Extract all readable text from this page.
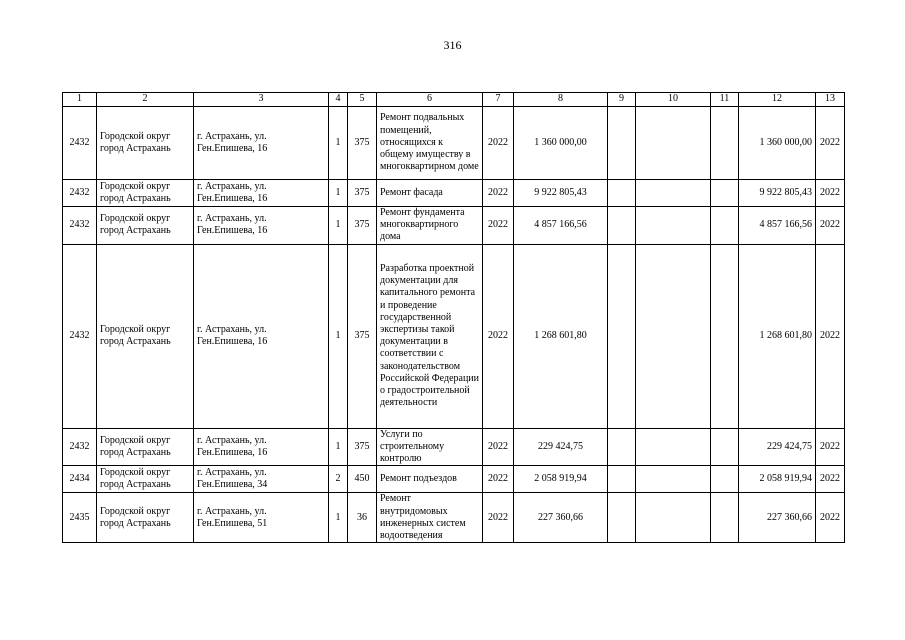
316
1	2	3	4	5	6	7	8	9	10	11	12	13
2432	Городской округ город Астрахань	г. Астрахань, ул. Ген.Епишева, 16	1	375	Ремонт подвальных помещений, относящихся к общему имуществу в многоквартирном доме	2022	1 360 000,00				1 360 000,00	2022
2432	Городской округ город Астрахань	г. Астрахань, ул. Ген.Епишева, 16	1	375	Ремонт фасада	2022	9 922 805,43				9 922 805,43	2022
2432	Городской округ город Астрахань	г. Астрахань, ул. Ген.Епишева, 16	1	375	Ремонт фундамента многоквартирного дома	2022	4 857 166,56				4 857 166,56	2022
2432	Городской округ город Астрахань	г. Астрахань, ул. Ген.Епишева, 16	1	375	Разработка проектной документации для капитального ремонта и проведение государственной экспертизы такой документации в соответствии с законодательством Российской Федерации о градостроительной деятельности	2022	1 268 601,80				1 268 601,80	2022
2432	Городской округ город Астрахань	г. Астрахань, ул. Ген.Епишева, 16	1	375	Услуги по строительному контролю	2022	229 424,75				229 424,75	2022
2434	Городской округ город Астрахань	г. Астрахань, ул. Ген.Епишева, 34	2	450	Ремонт подъездов	2022	2 058 919,94				2 058 919,94	2022
2435	Городской округ город Астрахань	г. Астрахань, ул. Ген.Епишева, 51	1	36	Ремонт внутридомовых инженерных систем водоотведения	2022	227 360,66				227 360,66	2022
